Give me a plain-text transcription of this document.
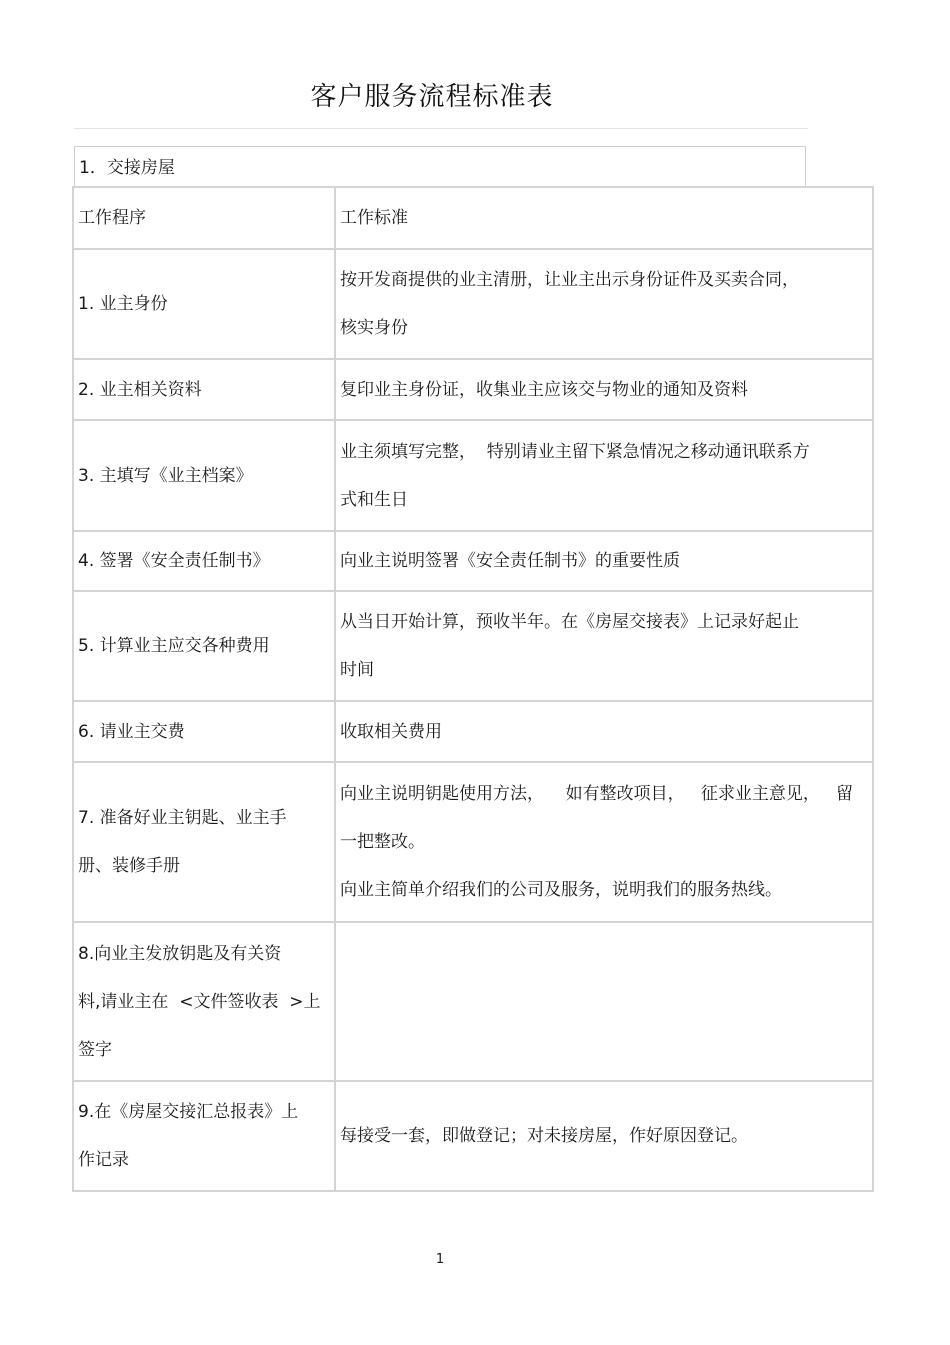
客户服务流程标准表
1．交接房屋
工作程序	工作标准

1. 业主身份	按开发商提供的业主清册，让业主出示身份证件及买卖合同，
核实身份

2. 业主相关资料	复印业主身份证，收集业主应该交与物业的通知及资料

3. 主填写《业主档案》	业主须填写完整，  特别请业主留下紧急情况之移动通讯联系方
式和生日

4. 签署《安全责任制书》	向业主说明签署《安全责任制书》的重要性质

5. 计算业主应交各种费用	从当日开始计算，预收半年。在《房屋交接表》上记录好起止
时间

6. 请业主交费	收取相关费用

7. 准备好业主钥匙、业主手
册、装修手册	向业主说明钥匙使用方法，    如有整改项目，   征求业主意见，   留
一把整改。
向业主简单介绍我们的公司及服务，说明我们的服务热线。

8.向业主发放钥匙及有关资
料,请业主在  <文件签收表  >上
签字	

9.在《房屋交接汇总报表》上
作记录	每接受一套，即做登记；对未接房屋，作好原因登记。
1
